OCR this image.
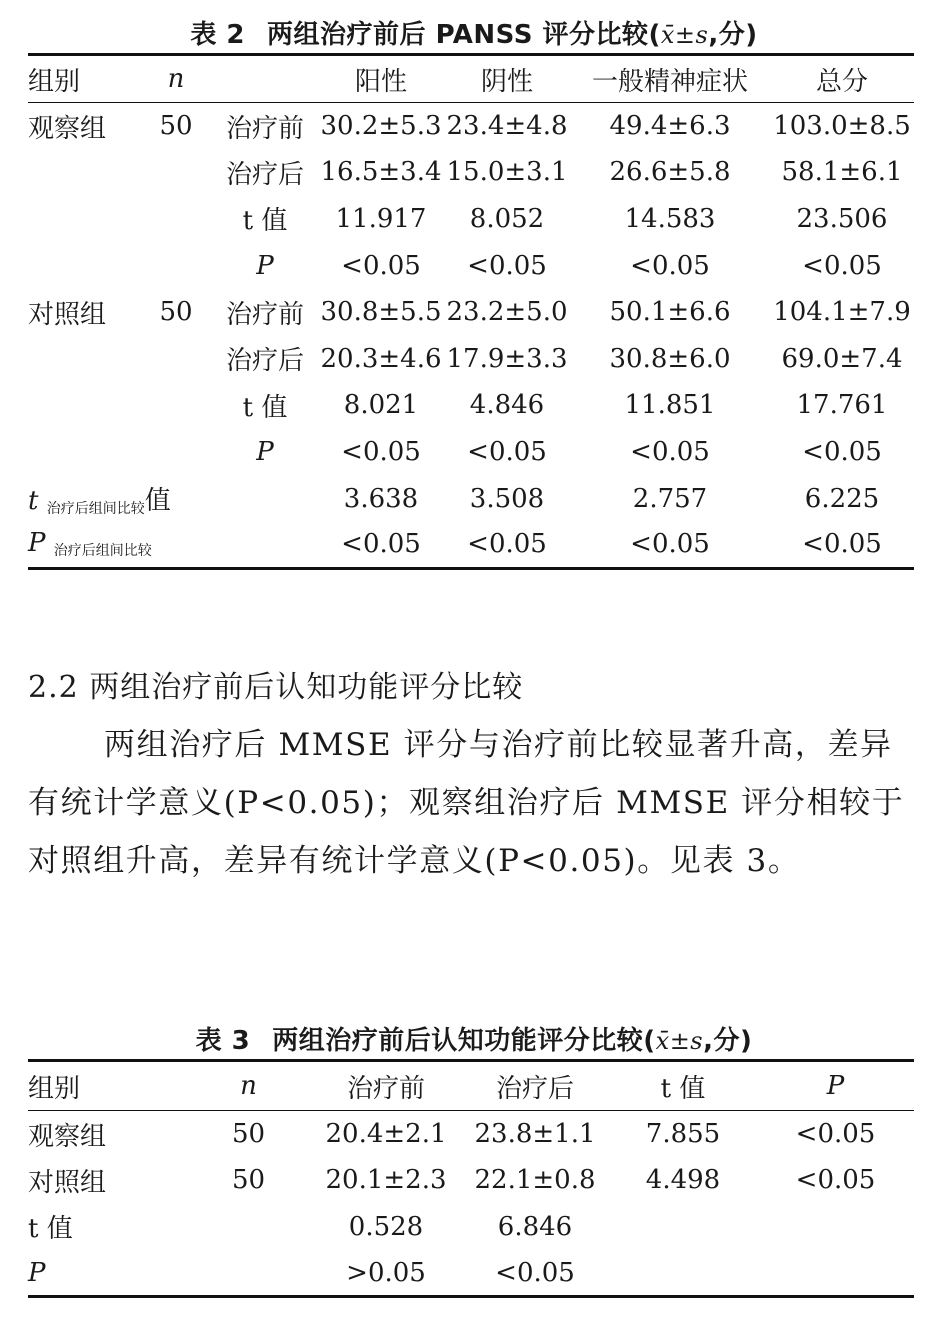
表 2 两组治疗前后 PANSS 评分比较(x̄±s,分)
组别	n		阳性	阴性	一般精神症状	总分
观察组	50	治疗前	30.2±5.3	23.4±4.8	49.4±6.3	103.0±8.5
		治疗后	16.5±3.4	15.0±3.1	26.6±5.8	58.1±6.1
		t 值	11.917	8.052	14.583	23.506
		P	<0.05	<0.05	<0.05	<0.05
对照组	50	治疗前	30.8±5.5	23.2±5.0	50.1±6.6	104.1±7.9
		治疗后	20.3±4.6	17.9±3.3	30.8±6.0	69.0±7.4
		t 值	8.021	4.846	11.851	17.761
		P	<0.05	<0.05	<0.05	<0.05
t $_{治疗后组间比较}$值			3.638	3.508	2.757	6.225
P $_{治疗后组间比较}$			<0.05	<0.05	<0.05	<0.05
2.2 两组治疗前后认知功能评分比较

两组治疗后 MMSE 评分与治疗前比较显著升高，差异有统计学意义(P<0.05)；观察组治疗后 MMSE 评分相较于对照组升高，差异有统计学意义(P<0.05)。见表 3。

表 3 两组治疗前后认知功能评分比较(x̄±s,分)
组别	n	治疗前	治疗后	t 值	P
观察组	50	20.4±2.1	23.8±1.1	7.855	<0.05
对照组	50	20.1±2.3	22.1±0.8	4.498	<0.05
t 值		0.528	6.846		
P		>0.05	<0.05		
